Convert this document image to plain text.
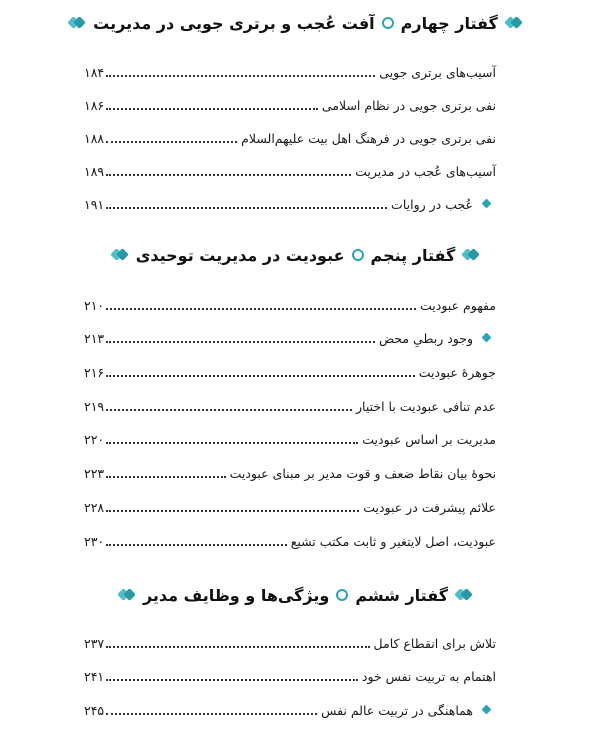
گفتار چهارم
آفت عُجب و برتری جویی در مدیریت
آسیب‌های برتری جویی
۱۸۴
نفی برتری جویی در نظام اسلامی
۱۸۶
نفی برتری جویی در فرهنگ اهل بیت علیهم‌السلام
۱۸۸
آسیب‌های عُجب در مدیریت
۱۸۹
عُجب در روایات
۱۹۱
گفتار پنجم
عبودیت در مدیریت توحیدی
مفهوم عبودیت
۲۱۰
وجود ربطیِ محض
۲۱۳
جوهرهٔ عبودیت
۲۱۶
عدم تنافی عبودیت با اختیار
۲۱۹
مدیریت بر اساس عبودیت
۲۲۰
نحوهٔ بیان نقاط ضعف و قوت مدیر بر مبنای عبودیت
۲۲۳
علائم پیشرفت در عبودیت
۲۲۸
عبودیت، اصل لایتغیر و ثابت مکتب تشیع
۲۳۰
گفتار ششم
ویژگی‌ها و وظایف مدیر
تلاش برای انقطاع کامل
۲۳۷
اهتمام به تربیت نفس خود
۲۴۱
هماهنگی در تربیت عالم نفس
۲۴۵
